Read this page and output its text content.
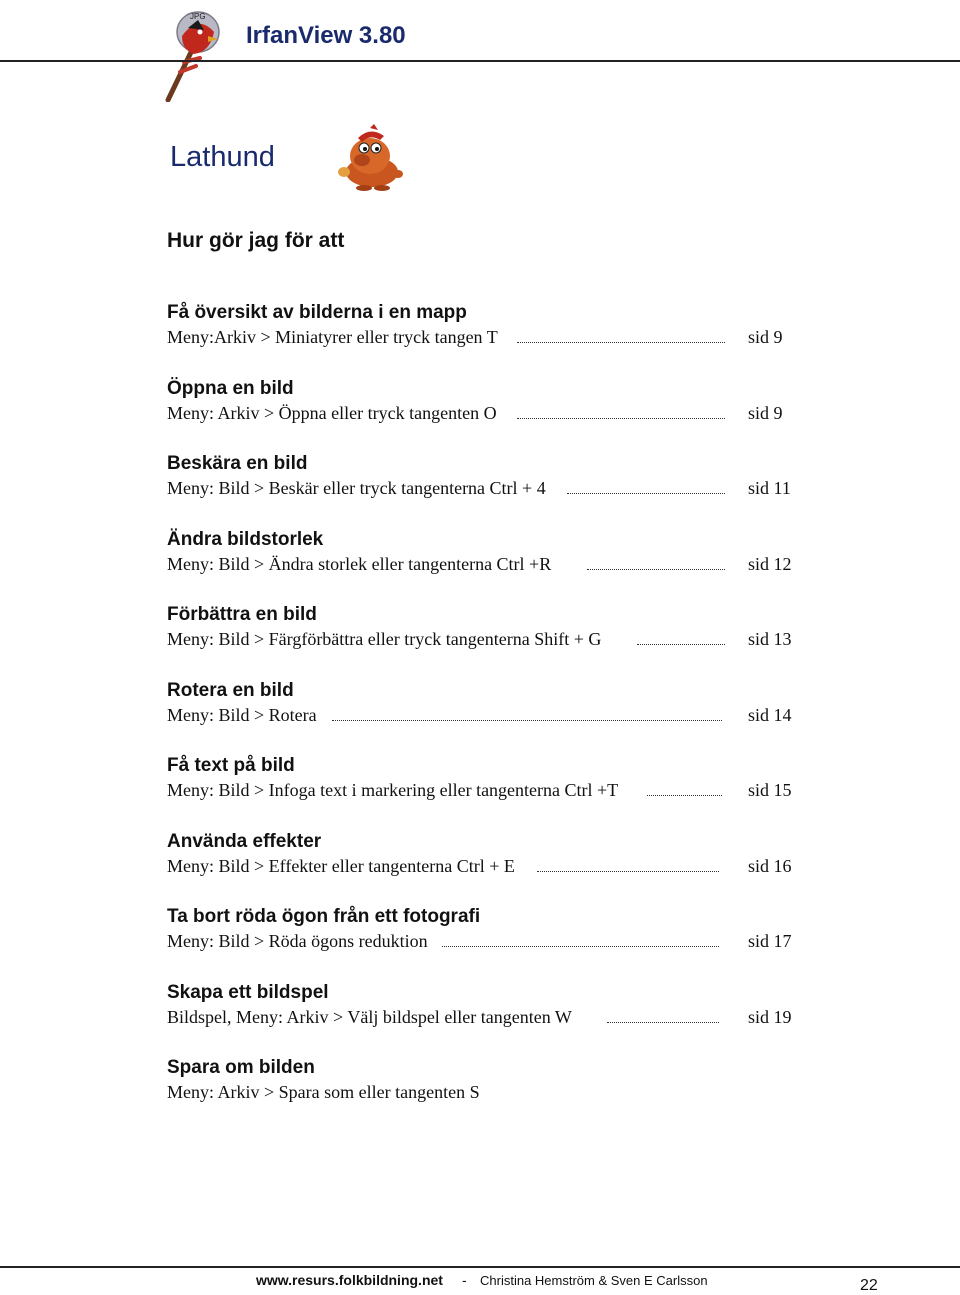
JPG
IrfanView 3.80
Lathund
Hur gör jag för att
Få översikt av bilderna i en mapp
Meny:Arkiv > Miniatyrer eller tryck tangen T	sid 9
Öppna en bild
Meny: Arkiv > Öppna eller tryck tangenten O	sid 9
Beskära en bild
Meny: Bild > Beskär eller tryck tangenterna Ctrl + 4	sid 11
Ändra bildstorlek
Meny: Bild > Ändra storlek eller tangenterna Ctrl +R	sid 12
Förbättra en bild
Meny: Bild > Färgförbättra eller tryck tangenterna Shift + G	sid 13
Rotera en bild
Meny: Bild > Rotera	sid 14
Få text på bild
Meny: Bild > Infoga text i markering eller tangenterna Ctrl +T	sid 15
Använda effekter
Meny: Bild > Effekter eller tangenterna Ctrl + E	sid 16
Ta bort röda ögon från ett fotografi
Meny: Bild > Röda ögons reduktion	sid 17
Skapa ett bildspel
Bildspel, Meny: Arkiv > Välj bildspel eller tangenten W	sid 19
Spara om bilden
Meny: Arkiv > Spara som eller tangenten S
www.resurs.folkbildning.net - Christina Hemström & Sven E Carlsson	22
